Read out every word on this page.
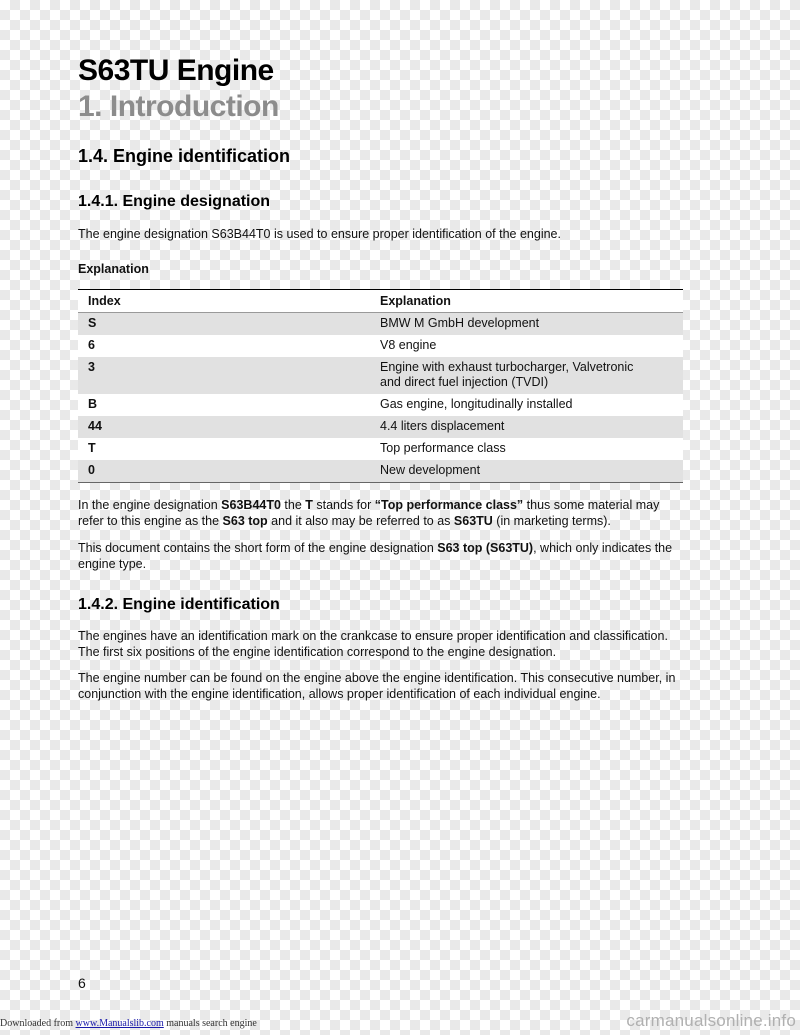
S63TU Engine
1. Introduction
1.4. Engine identification
1.4.1. Engine designation

The engine designation S63B44T0 is used to ensure proper identification of the engine.

Explanation

Index	Explanation
S	BMW M GmbH development
6	V8 engine
3	Engine with exhaust turbocharger, Valvetronic
and direct fuel injection (TVDI)
B	Gas engine, longitudinally installed
44	4.4 liters displacement
T	Top performance class
0	New development

In the engine designation S63B44T0 the T stands for “Top performance class” thus some material may refer to this engine as the S63 top and it also may be referred to as S63TU (in marketing terms).

This document contains the short form of the engine designation S63 top (S63TU), which only indicates the engine type.

1.4.2. Engine identification

The engines have an identification mark on the crankcase to ensure proper identification and classification. The first six positions of the engine identification correspond to the engine designation.

The engine number can be found on the engine above the engine identification. This consecutive number, in conjunction with the engine identification, allows proper identification of each individual engine.

6

Downloaded from www.Manualslib.com manuals search engine	carmanualsonline.info
